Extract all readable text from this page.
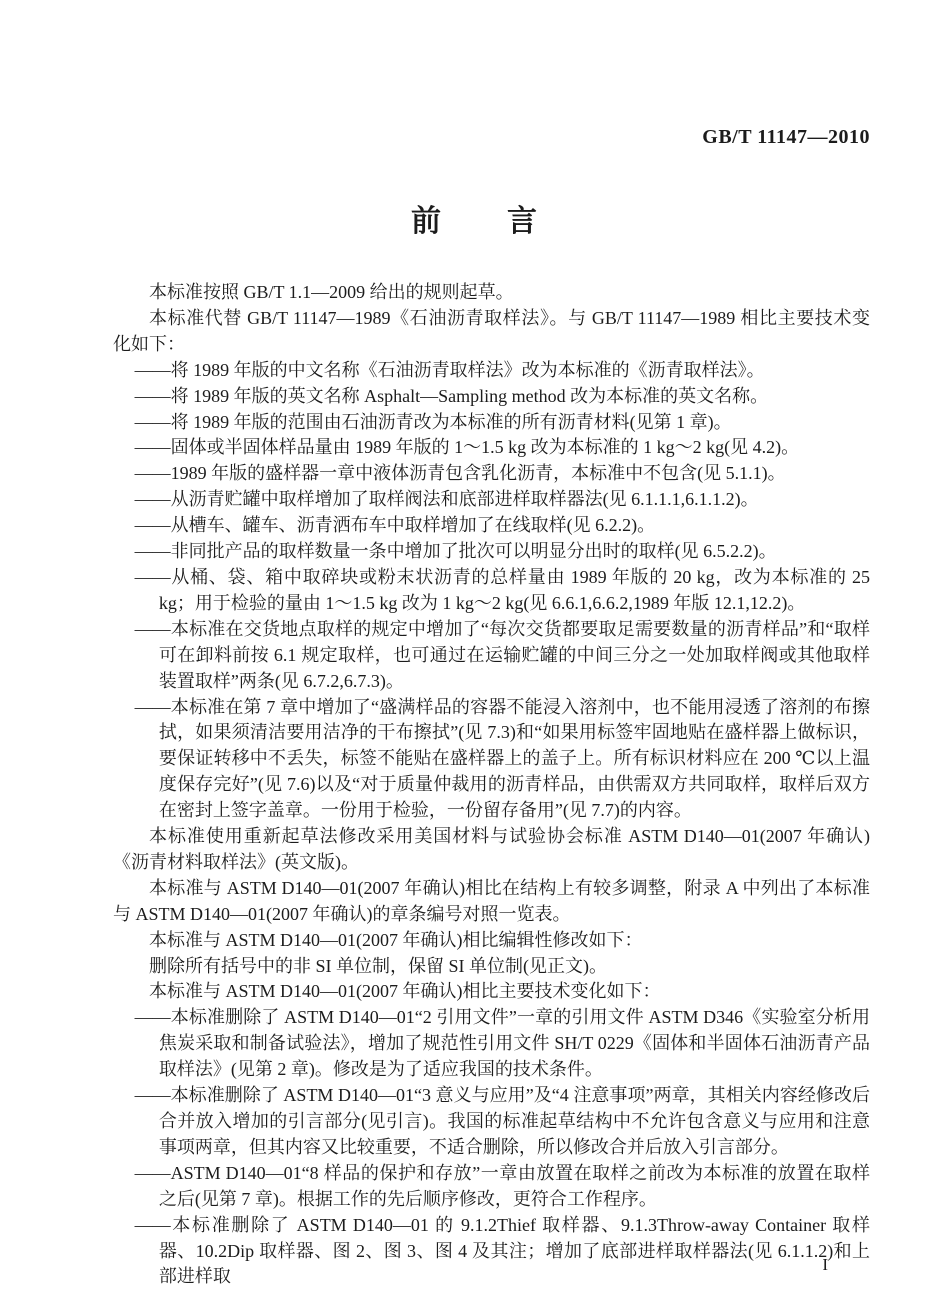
GB/T 11147—2010
前　　言

本标准按照 GB/T 1.1—2009 给出的规则起草。

本标准代替 GB/T 11147—1989《石油沥青取样法》。与 GB/T 11147—1989 相比主要技术变化如下：

——将 1989 年版的中文名称《石油沥青取样法》改为本标准的《沥青取样法》。

——将 1989 年版的英文名称 Asphalt—Sampling method 改为本标准的英文名称。

——将 1989 年版的范围由石油沥青改为本标准的所有沥青材料(见第 1 章)。

——固体或半固体样品量由 1989 年版的 1～1.5 kg 改为本标准的 1 kg～2 kg(见 4.2)。

——1989 年版的盛样器一章中液体沥青包含乳化沥青，本标准中不包含(见 5.1.1)。

——从沥青贮罐中取样增加了取样阀法和底部进样取样器法(见 6.1.1.1,6.1.1.2)。

——从槽车、罐车、沥青洒布车中取样增加了在线取样(见 6.2.2)。

——非同批产品的取样数量一条中增加了批次可以明显分出时的取样(见 6.5.2.2)。

——从桶、袋、箱中取碎块或粉末状沥青的总样量由 1989 年版的 20 kg，改为本标准的 25 kg；用于检验的量由 1～1.5 kg 改为 1 kg～2 kg(见 6.6.1,6.6.2,1989 年版 12.1,12.2)。

——本标准在交货地点取样的规定中增加了“每次交货都要取足需要数量的沥青样品”和“取样可在卸料前按 6.1 规定取样，也可通过在运输贮罐的中间三分之一处加取样阀或其他取样装置取样”两条(见 6.7.2,6.7.3)。

——本标准在第 7 章中增加了“盛满样品的容器不能浸入溶剂中，也不能用浸透了溶剂的布擦拭，如果须清洁要用洁净的干布擦拭”(见 7.3)和“如果用标签牢固地贴在盛样器上做标识，要保证转移中不丢失，标签不能贴在盛样器上的盖子上。所有标识材料应在 200 ℃以上温度保存完好”(见 7.6)以及“对于质量仲裁用的沥青样品，由供需双方共同取样，取样后双方在密封上签字盖章。一份用于检验，一份留存备用”(见 7.7)的内容。

本标准使用重新起草法修改采用美国材料与试验协会标准 ASTM D140—01(2007 年确认)《沥青材料取样法》(英文版)。

本标准与 ASTM D140—01(2007 年确认)相比在结构上有较多调整，附录 A 中列出了本标准与 ASTM D140—01(2007 年确认)的章条编号对照一览表。

本标准与 ASTM D140—01(2007 年确认)相比编辑性修改如下：

删除所有括号中的非 SI 单位制，保留 SI 单位制(见正文)。

本标准与 ASTM D140—01(2007 年确认)相比主要技术变化如下：

——本标准删除了 ASTM D140—01“2 引用文件”一章的引用文件 ASTM D346《实验室分析用焦炭采取和制备试验法》，增加了规范性引用文件 SH/T 0229《固体和半固体石油沥青产品取样法》(见第 2 章)。修改是为了适应我国的技术条件。

——本标准删除了 ASTM D140—01“3 意义与应用”及“4 注意事项”两章，其相关内容经修改后合并放入增加的引言部分(见引言)。我国的标准起草结构中不允许包含意义与应用和注意事项两章，但其内容又比较重要，不适合删除，所以修改合并后放入引言部分。

——ASTM D140—01“8 样品的保护和存放”一章由放置在取样之前改为本标准的放置在取样之后(见第 7 章)。根据工作的先后顺序修改，更符合工作程序。

——本标准删除了 ASTM D140—01 的 9.1.2Thief 取样器、9.1.3Throw-away Container 取样器、10.2Dip 取样器、图 2、图 3、图 4 及其注；增加了底部进样取样器法(见 6.1.1.2)和上部进样取

I
